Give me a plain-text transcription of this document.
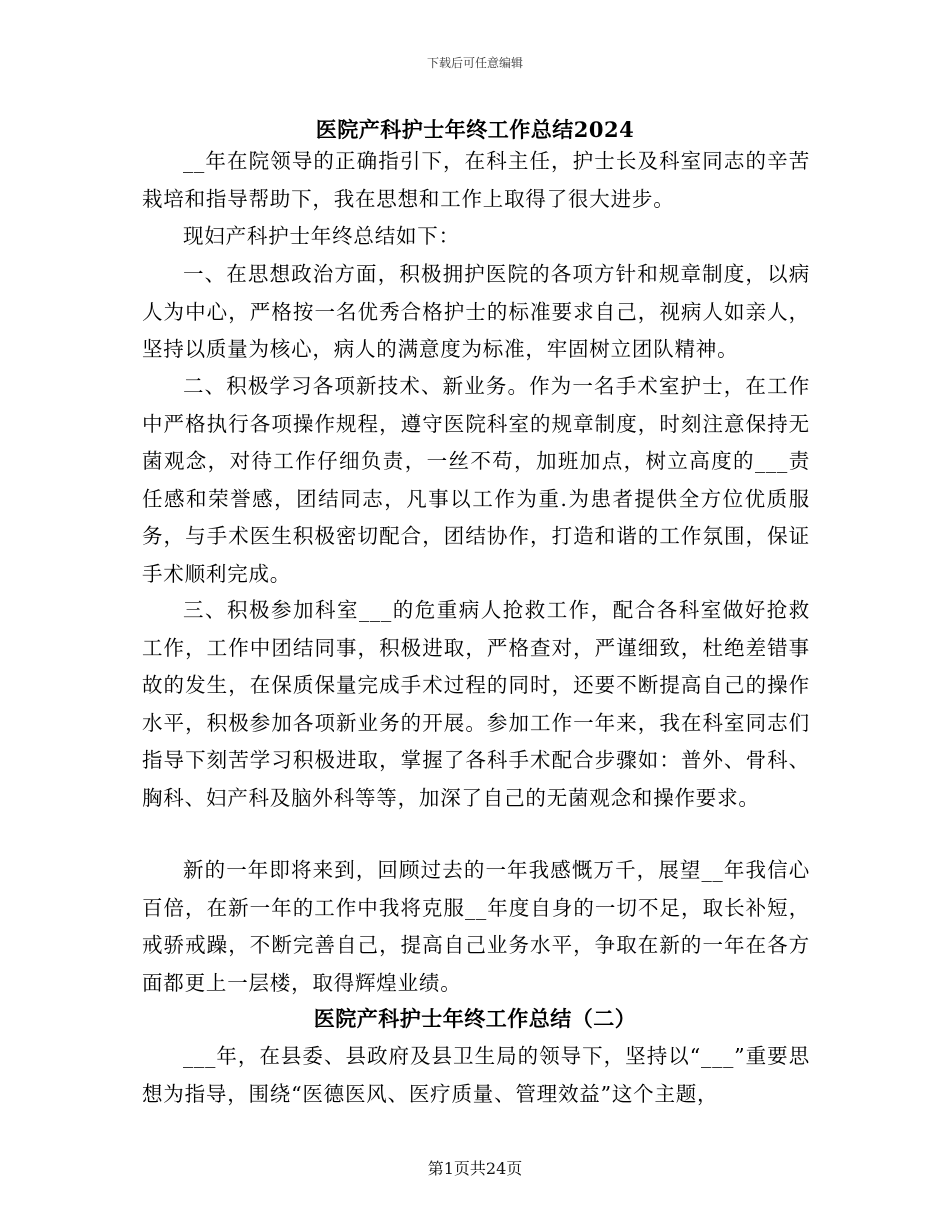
下载后可任意编辑
医院产科护士年终工作总结2024

__年在院领导的正确指引下，在科主任，护士长及科室同志的辛苦栽培和指导帮助下，我在思想和工作上取得了很大进步。

现妇产科护士年终总结如下：

一、在思想政治方面，积极拥护医院的各项方针和规章制度，以病人为中心，严格按一名优秀合格护士的标准要求自己，视病人如亲人，坚持以质量为核心，病人的满意度为标准，牢固树立团队精神。

二、积极学习各项新技术、新业务。作为一名手术室护士，在工作中严格执行各项操作规程，遵守医院科室的规章制度，时刻注意保持无菌观念，对待工作仔细负责，一丝不苟，加班加点，树立高度的___责任感和荣誉感，团结同志，凡事以工作为重.为患者提供全方位优质服务，与手术医生积极密切配合，团结协作，打造和谐的工作氛围，保证手术顺利完成。

三、积极参加科室___的危重病人抢救工作，配合各科室做好抢救工作，工作中团结同事，积极进取，严格查对，严谨细致，杜绝差错事故的发生，在保质保量完成手术过程的同时，还要不断提高自己的操作水平，积极参加各项新业务的开展。参加工作一年来，我在科室同志们指导下刻苦学习积极进取，掌握了各科手术配合步骤如：普外、骨科、胸科、妇产科及脑外科等等，加深了自己的无菌观念和操作要求。

新的一年即将来到，回顾过去的一年我感慨万千，展望__年我信心百倍，在新一年的工作中我将克服__年度自身的一切不足，取长补短，戒骄戒躁，不断完善自己，提高自己业务水平，争取在新的一年在各方面都更上一层楼，取得辉煌业绩。

医院产科护士年终工作总结（二）

___年，在县委、县政府及县卫生局的领导下，坚持以“___”重要思想为指导，围绕“医德医风、医疗质量、管理效益”这个主题，

第1页共24页
